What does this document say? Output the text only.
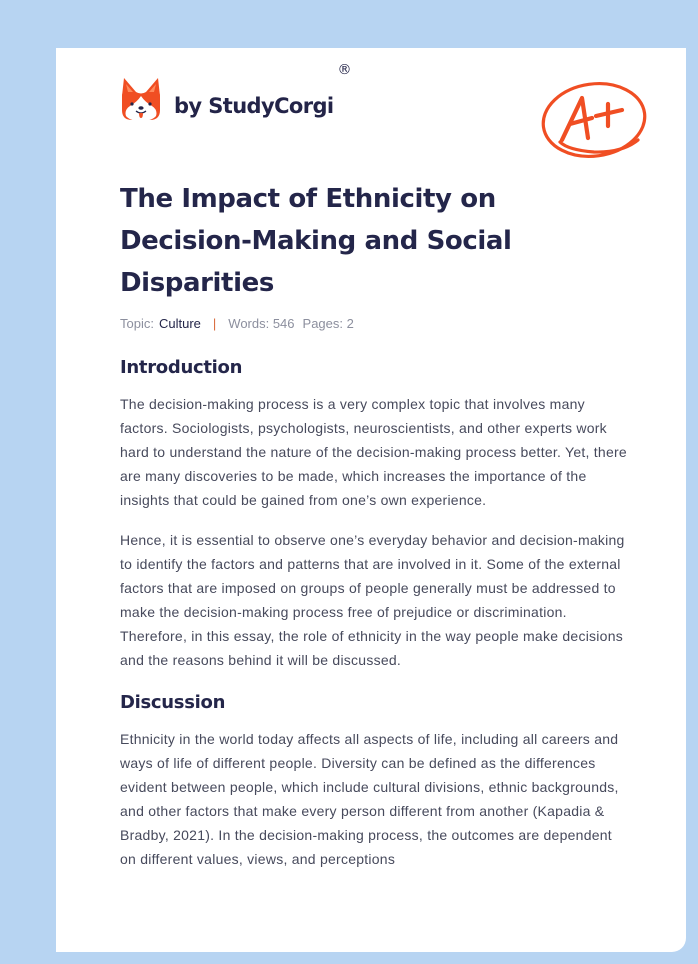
by StudyCorgi
®
The Impact of Ethnicity on Decision-Making and Social Disparities
Topic: Culture | Words: 546 Pages: 2
Introduction

The decision-making process is a very complex topic that involves many factors. Sociologists, psychologists, neuroscientists, and other experts work hard to understand the nature of the decision-making process better. Yet, there are many discoveries to be made, which increases the importance of the insights that could be gained from one’s own experience.

Hence, it is essential to observe one’s everyday behavior and decision-making to identify the factors and patterns that are involved in it. Some of the external factors that are imposed on groups of people generally must be addressed to make the decision-making process free of prejudice or discrimination. Therefore, in this essay, the role of ethnicity in the way people make decisions and the reasons behind it will be discussed.

Discussion

Ethnicity in the world today affects all aspects of life, including all careers and ways of life of different people. Diversity can be defined as the differences evident between people, which include cultural divisions, ethnic backgrounds, and other factors that make every person different from another (Kapadia & Bradby, 2021). In the decision-making process, the outcomes are dependent on different values, views, and perceptions
